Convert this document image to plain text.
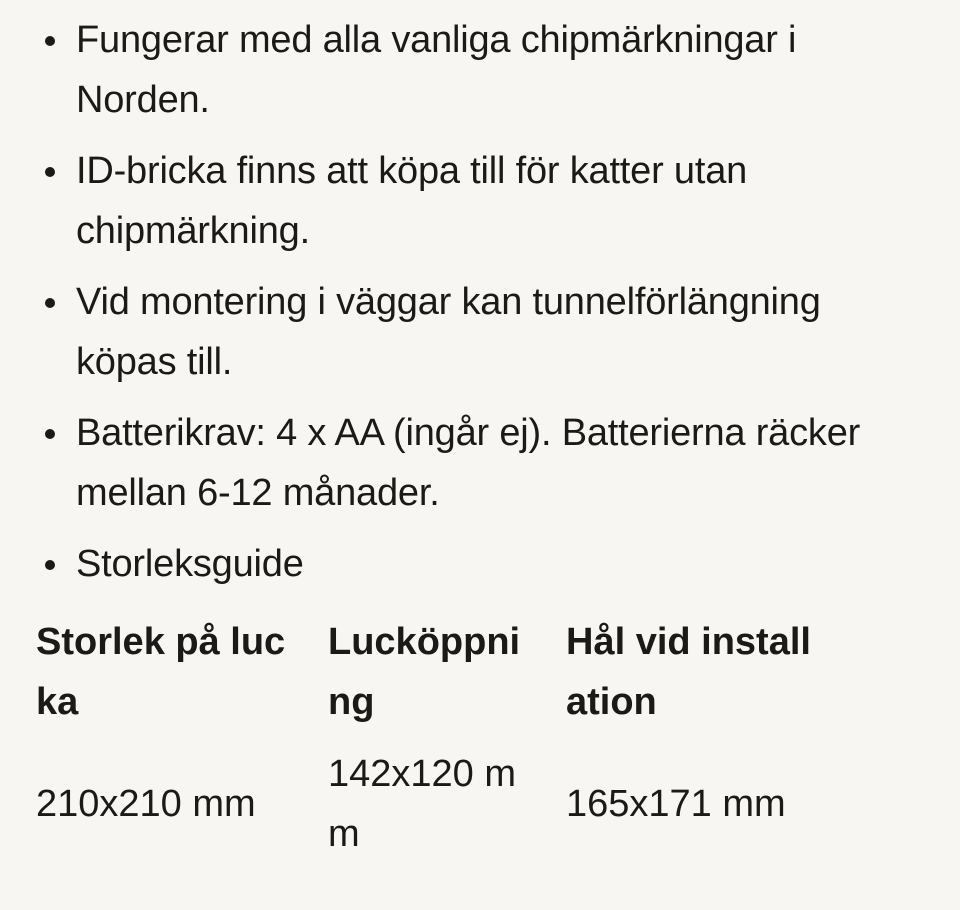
Fungerar med alla vanliga chipmärkningar i Norden.
ID-bricka finns att köpa till för katter utan chipmärkning.
Vid montering i väggar kan tunnelförlängning köpas till.
Batterikrav: 4 x AA (ingår ej). Batterierna räcker mellan 6-12 månader.
Storleksguide
Storlek på lucka	Lucköppning	Hål vid installation
210x210 mm	142x120 mm	165x171 mm
